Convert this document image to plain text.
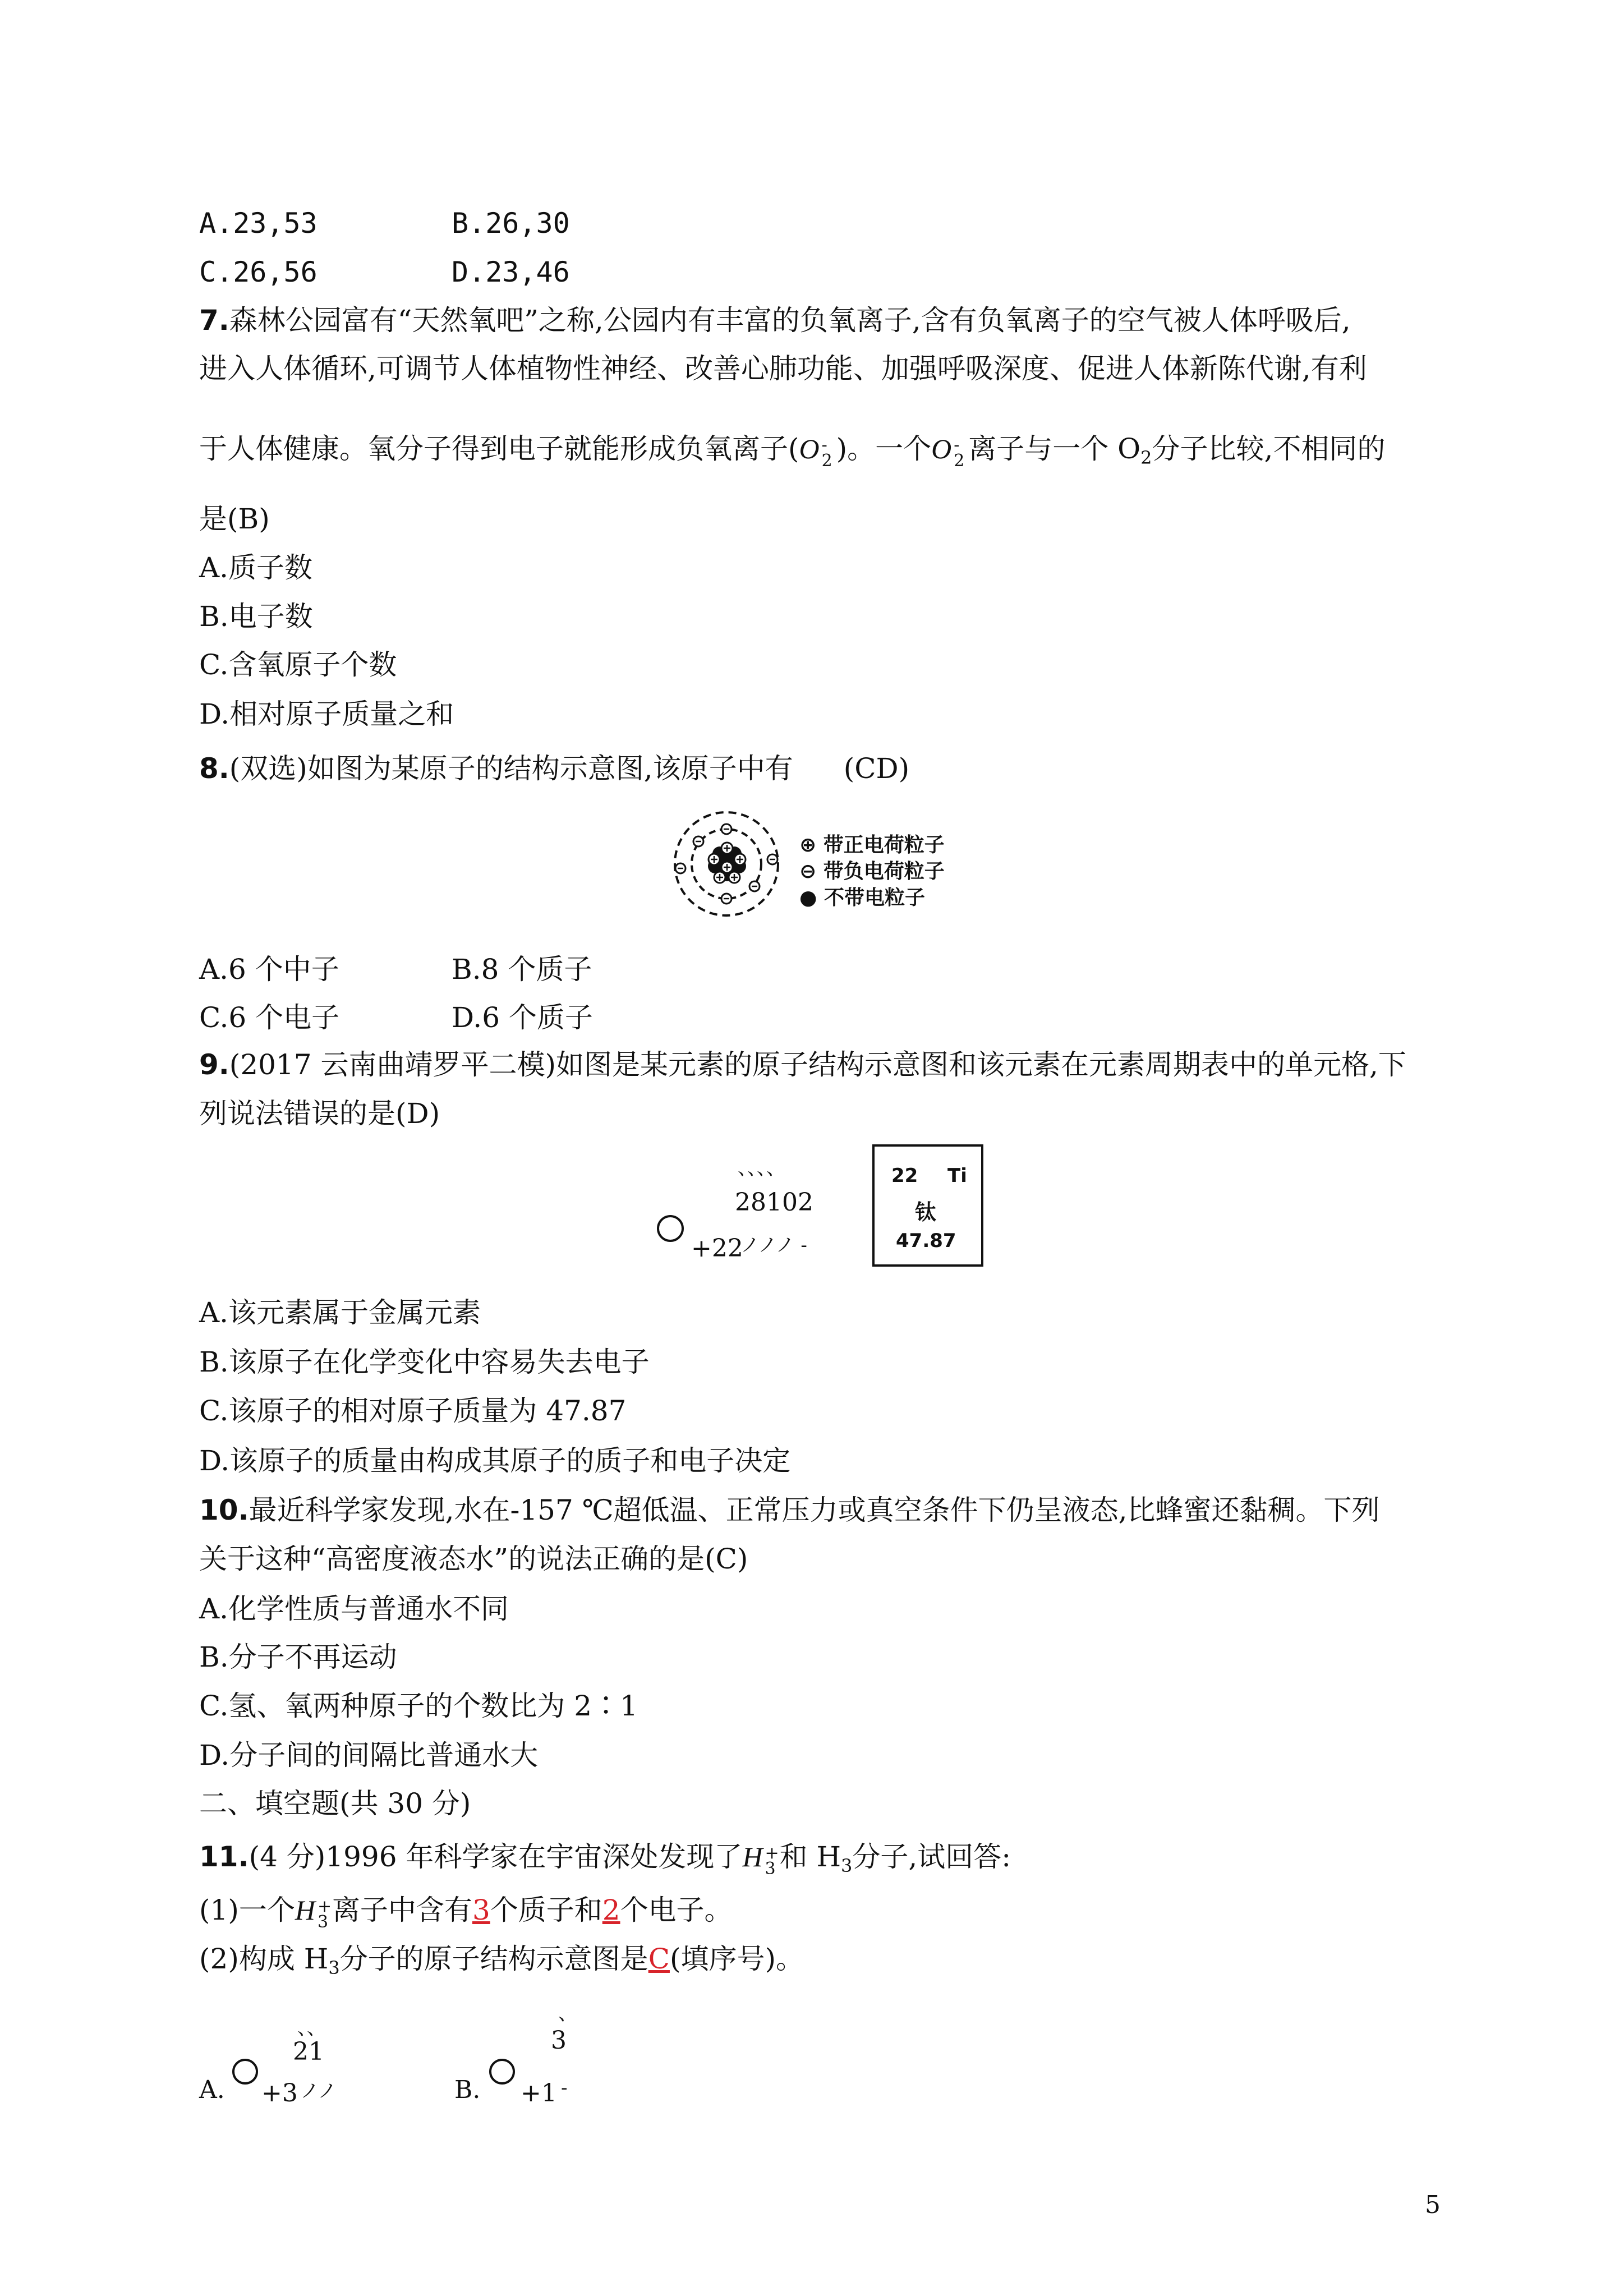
A.23,53	B.26,30
C.26,56	D.23,46
7.森林公园富有“天然氧吧”之称,公园内有丰富的负氧离子,含有负氧离子的空气被人体呼吸后,
进入人体循环,可调节人体植物性神经、改善心肺功能、加强呼吸深度、促进人体新陈代谢,有利
于人体健康。氧分子得到电子就能形成负氧离子(O -
2 )。一个O -
2 离子与一个 $O_2$分子比较,不相同的
是(B)
A.质子数
B.电子数
C.含氧原子个数
D.相对原子质量之和
8.(双选)如图为某原子的结构示意图,该原子中有 (CD)
⊕ 带正电荷粒子
⊖ 带负电荷粒子
● 不带电粒子
A.6 个中子	B.8 个质子
C.6 个电子	D.6 个质子
9.(2017 云南曲靖罗平二模)如图是某元素的原子结构示意图和该元素在元素周期表中的单元格,下
列说法错误的是(D)
、、、、
28102
+22
ノノノ -
22 Ti
钛
47.87
A.该元素属于金属元素
B.该原子在化学变化中容易失去电子
C.该原子的相对原子质量为 47.87
D.该原子的质量由构成其原子的质子和电子决定
10.最近科学家发现,水在-157 ℃超低温、正常压力或真空条件下仍呈液态,比蜂蜜还黏稠。下列
关于这种“高密度液态水”的说法正确的是(C)
A.化学性质与普通水不同
B.分子不再运动
C.氢、氧两种原子的个数比为 2∶1
D.分子间的间隔比普通水大
二、填空题(共 30 分)
11.(4 分)1996 年科学家在宇宙深处发现了H +
3 和 $H_3$分子,试回答:
(1)一个H +
3 离子中含有3个质子和2个电子。
(2)构成 $H_3$分子的原子结构示意图是C(填序号)。
A.
、、
21
+3 ノノ	B.
、
3
+1 -
5
